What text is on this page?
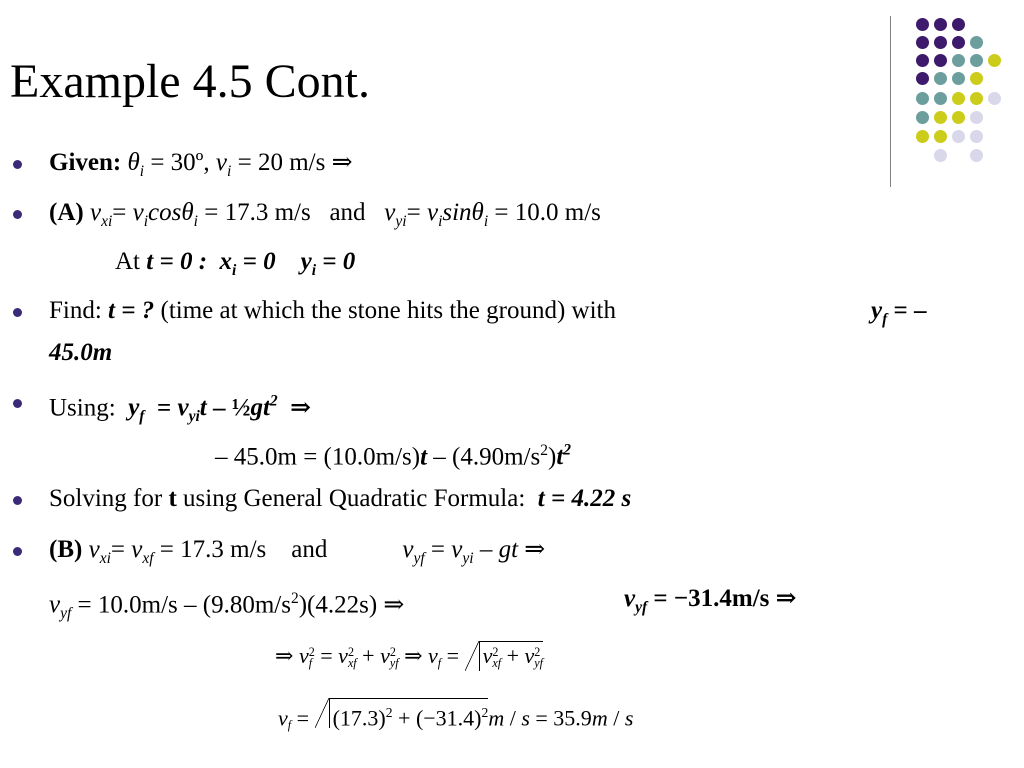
Example 4.5 Cont.
Given: $\theta_i$ = 30º, $v_i = 20$ m/s ⇒
(A) $v_{xi}= v_i\cos\theta_i = 17.3$ m/s   and   $v_{yi}= v_i\sin\theta_i = 10.0$ m/s
At t = 0 : $x_i = 0$ $y_i = 0$
Find: t = ? (time at which the stone hits the ground) with	$y_f$ = –
45.0m
Using: $y_f = v_{yi}t$ – $\frac{1}{2}gt^2$  ⇒
– $45.0m = (10.0m/s)t - (4.90m/s^2)t^2$
Solving for t using General Quadratic Formula:  t = 4.22 s
(B) $v_{xi}= v_{xf} = 17.3$ m/s    and            $v_{yf} = v_{yi}$ – gt ⇒
$v_{yf} = 10.0m/s - (9.80m/s^2)(4.22s)$ ⇒	$v_{yf} = -31.4m/s$ ⇒
⇒ v 2
f = v 2
xf + v 2
yf ⇒ v
f = v 2
xf + v 2
yf
v
$f = (17.3)^2 + (-31.4)^2m / s = 35.9m / s$
